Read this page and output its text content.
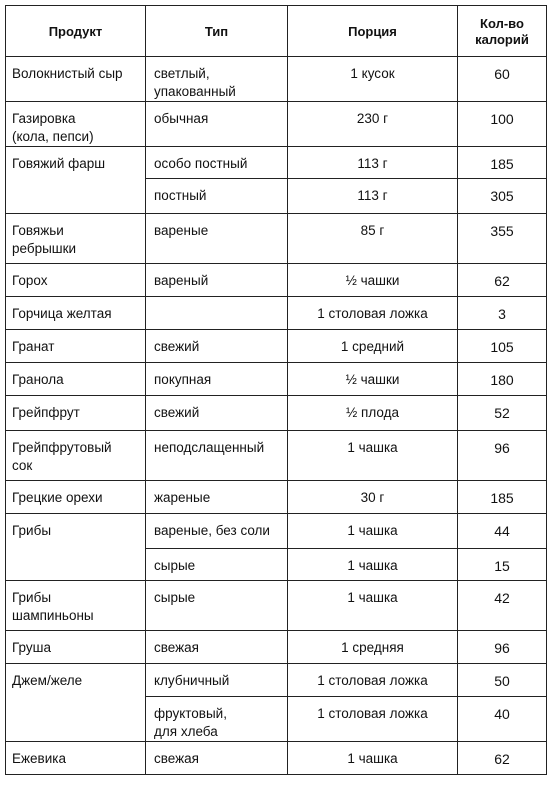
Продукт	Тип	Порция	Кол-во
калорий

Волокнистый сыр	светлый,
упакованный	1 кусок	60

Газировка
(кола, пепси)	обычная	230 г	100

Говяжий фарш	особо постный	113 г	185

	постный	113 г	305

Говяжьи
ребрышки	вареные	85 г	355

Горох	вареный	½ чашки	62

Горчица желтая		1 столовая ложка	3

Гранат	свежий	1 средний	105

Гранола	покупная	½ чашки	180

Грейпфрут	свежий	½ плода	52

Грейпфрутовый
сок	неподслащенный	1 чашка	96

Грецкие орехи	жареные	30 г	185

Грибы	вареные, без соли	1 чашка	44

	сырые	1 чашка	15

Грибы
шампиньоны	сырые	1 чашка	42

Груша	свежая	1 средняя	96

Джем/желе	клубничный	1 столовая ложка	50

	фруктовый,
для хлеба	1 столовая ложка	40

Ежевика	свежая	1 чашка	62
